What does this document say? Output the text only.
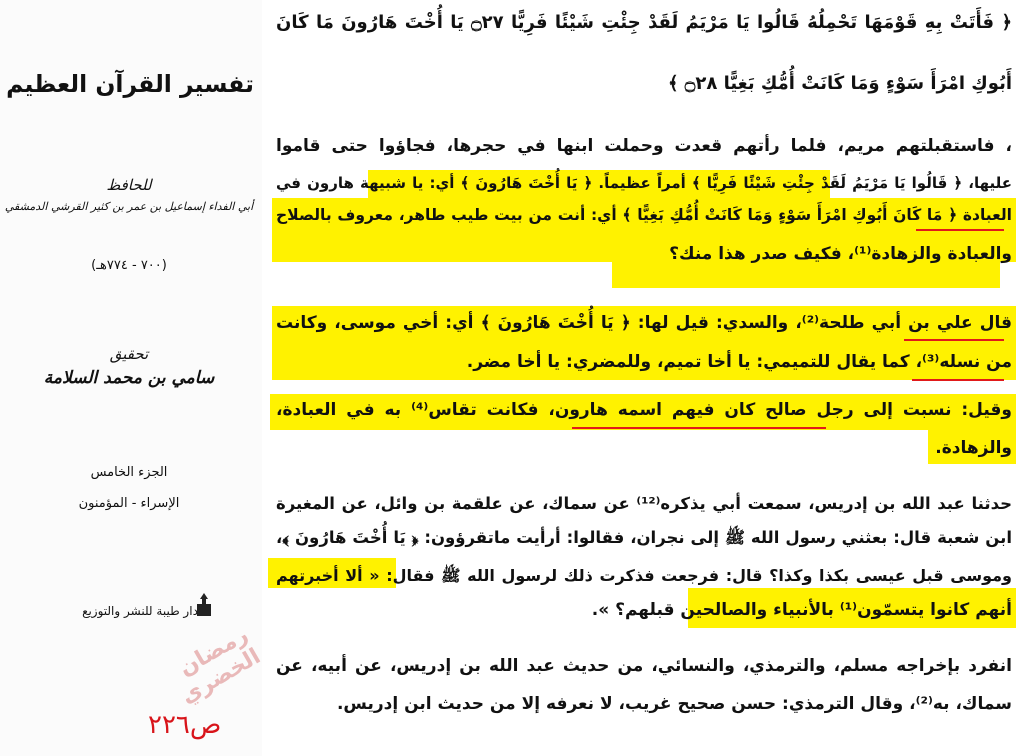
تفسير القرآن العظيم
للحافظ
أبي الفداء إسماعيل بن عمر بن كثير القرشي الدمشقي
(٧٠٠ - ٧٧٤هـ)
تحقيق
سامي بن محمد السلامة
الجزء الخامس
الإسراء - المؤمنون
دار طيبة للنشر والتوزيع
رمضان الخضري
ص٢٢٦
﴿ فَأَتَتْ بِهِ قَوْمَهَا تَحْمِلُهُ قَالُوا يَا مَرْيَمُ لَقَدْ جِئْتِ شَيْئًا فَرِيًّا ۝٢٧ يَا أُخْتَ هَارُونَ مَا كَانَ
أَبُوكِ امْرَأَ سَوْءٍ وَمَا كَانَتْ أُمُّكِ بَغِيًّا ۝٢٨ ﴾
، فاستقبلتهم مريم، فلما رأتهم قعدت وحملت ابنها في حجرها، فجاؤوا حتى قاموا
عليها، ﴿ قَالُوا يَا مَرْيَمُ لَقَدْ جِئْتِ شَيْئًا فَرِيًّا ﴾ أمراً عظيماً. ﴿ يَا أُخْتَ هَارُونَ ﴾ أي: يا شبيهة هارون في
العبادة ﴿ مَا كَانَ أَبُوكِ امْرَأَ سَوْءٍ وَمَا كَانَتْ أُمُّكِ بَغِيًّا ﴾ أي: أنت من بيت طيب طاهر، معروف بالصلاح
والعبادة والزهادة⁽¹⁾، فكيف صدر هذا منك؟
قال علي بن أبي طلحة⁽²⁾، والسدي: قيل لها: ﴿ يَا أُخْتَ هَارُونَ ﴾ أي: أخي موسى، وكانت
من نسله⁽³⁾، كما يقال للتميمي: يا أخا تميم، وللمضري: يا أخا مضر.
وقيل: نسبت إلى رجل صالح كان فيهم اسمه هارون، فكانت تقاس⁽⁴⁾ به في العبادة،
والزهادة.
حدثنا عبد الله بن إدريس، سمعت أبي يذكره⁽¹²⁾ عن سماك، عن علقمة بن وائل، عن المغيرة
ابن شعبة قال: بعثني رسول الله ﷺ إلى نجران، فقالوا: أرأيت ماتقرؤون: ﴿ يَا أُخْتَ هَارُونَ ﴾،
وموسى قبل عيسى بكذا وكذا؟ قال: فرجعت فذكرت ذلك لرسول الله ﷺ فقال: « ألا أخبرتهم
أنهم كانوا يتسمّون⁽¹⁾ بالأنبياء والصالحين قبلهم؟ ».
انفرد بإخراجه مسلم، والترمذي، والنسائي، من حديث عبد الله بن إدريس، عن أبيه، عن
سماك، به⁽²⁾، وقال الترمذي: حسن صحيح غريب، لا نعرفه إلا من حديث ابن إدريس.
